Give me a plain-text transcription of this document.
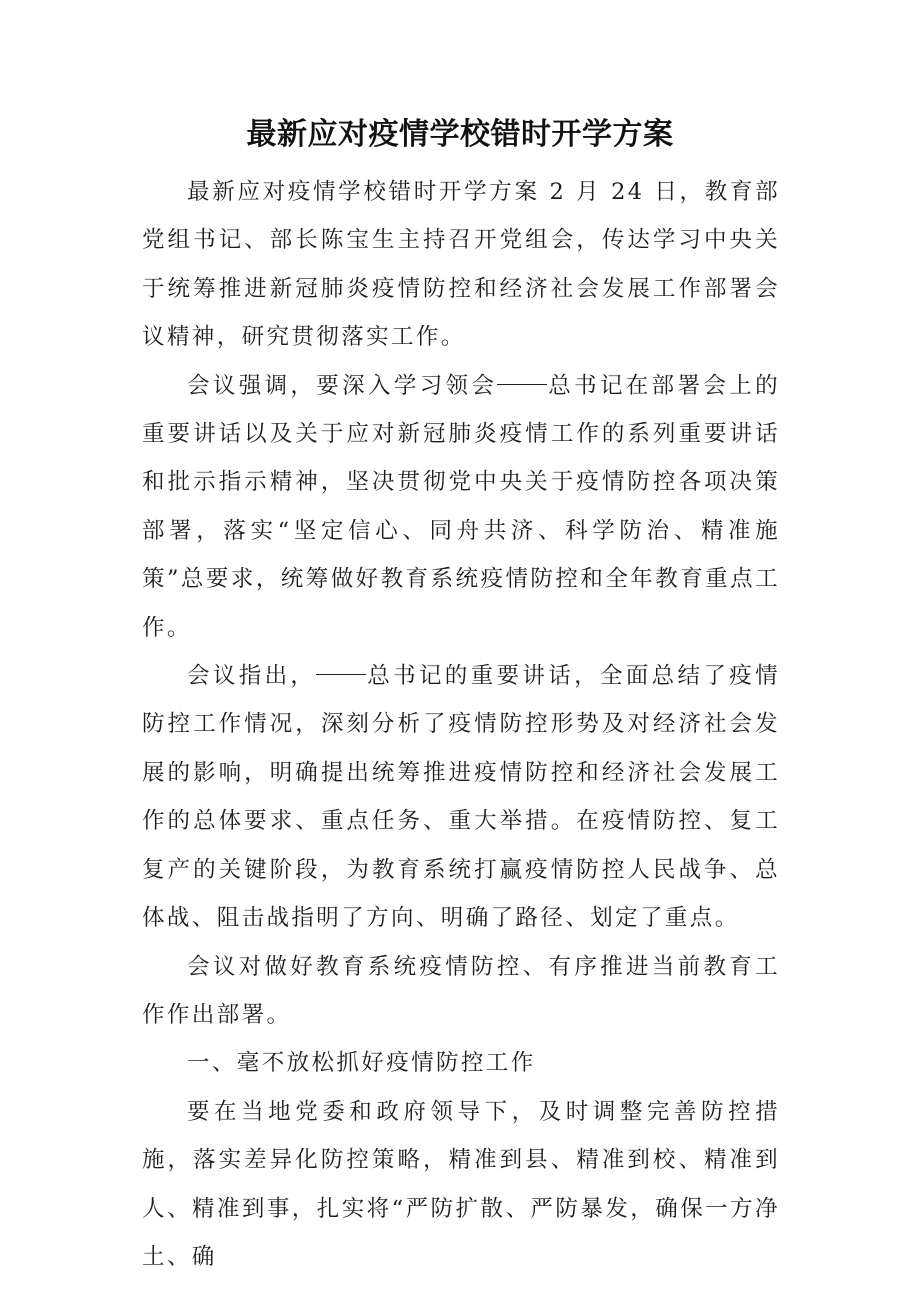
最新应对疫情学校错时开学方案

最新应对疫情学校错时开学方案 2 月 24 日，教育部党组书记、部长陈宝生主持召开党组会，传达学习中央关于统筹推进新冠肺炎疫情防控和经济社会发展工作部署会议精神，研究贯彻落实工作。

会议强调，要深入学习领会 总书记在部署会上的重要讲话以及关于应对新冠肺炎疫情工作的系列重要讲话和批示指示精神，坚决贯彻党中央关于疫情防控各项决策部署，落实“坚定信心、同舟共济、科学防治、精准施策”总要求，统筹做好教育系统疫情防控和全年教育重点工作。

会议指出， 总书记的重要讲话，全面总结了疫情防控工作情况，深刻分析了疫情防控形势及对经济社会发展的影响，明确提出统筹推进疫情防控和经济社会发展工作的总体要求、重点任务、重大举措。在疫情防控、复工复产的关键阶段，为教育系统打赢疫情防控人民战争、总体战、阻击战指明了方向、明确了路径、划定了重点。

会议对做好教育系统疫情防控、有序推进当前教育工作作出部署。

一、毫不放松抓好疫情防控工作

要在当地党委和政府领导下，及时调整完善防控措施，落实差异化防控策略，精准到县、精准到校、精准到人、精准到事，扎实将“严防扩散、严防暴发，确保一方净土、确
